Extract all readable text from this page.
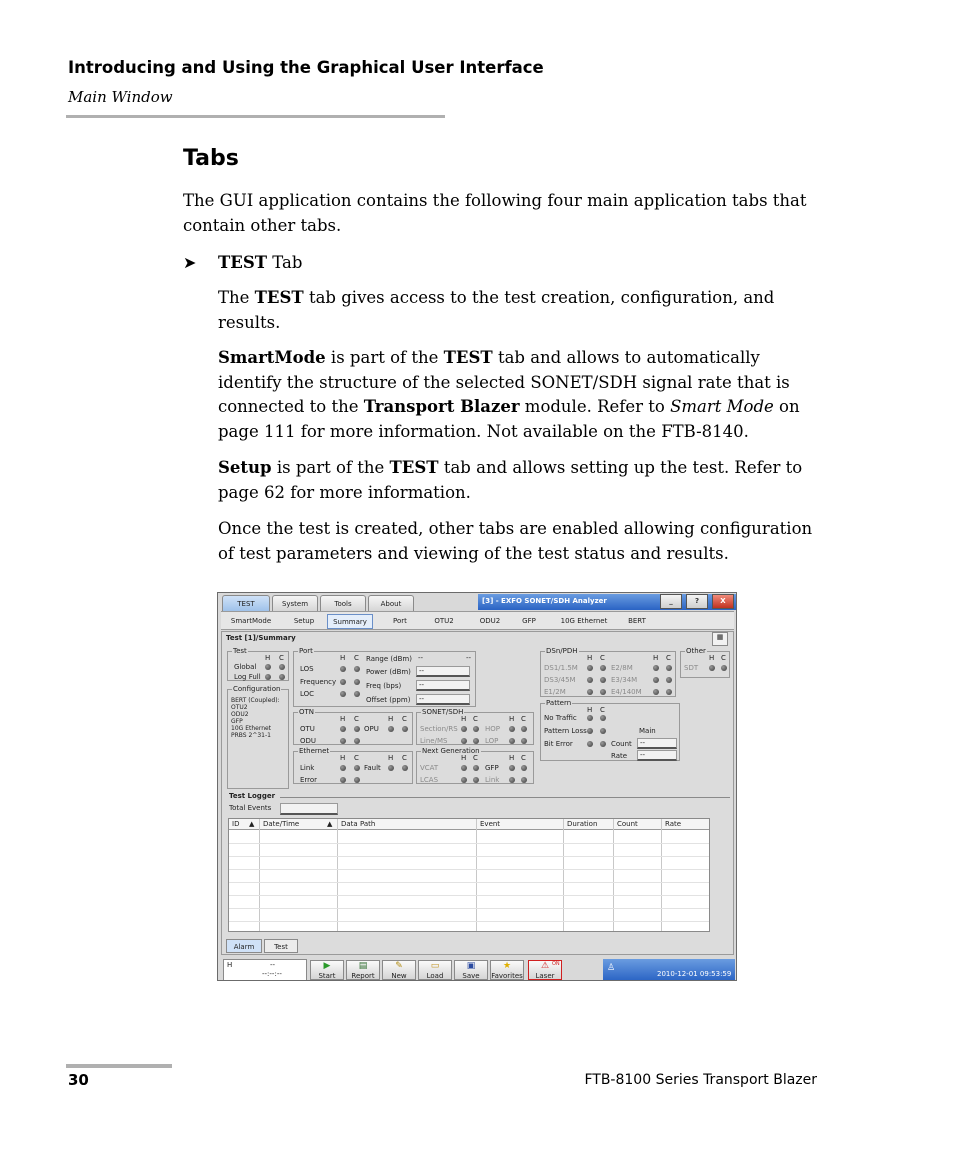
Introducing and Using the Graphical User Interface
Main Window
Tabs
The GUI application contains the following four main application tabs that contain other tabs.
➤ TEST Tab
The TEST tab gives access to the test creation, configuration, and results.
SmartMode is part of the TEST tab and allows to automatically identify the structure of the selected SONET/SDH signal rate that is connected to the Transport Blazer module. Refer to Smart Mode on page 111 for more information. Not available on the FTB-8140.
Setup is part of the TEST tab and allows setting up the test. Refer to page 62 for more information.
Once the test is created, other tabs are enabled allowing configuration of test parameters and viewing of the test status and results.
TEST	System	Tools	About	[3] - EXFO SONET/SDH Analyzer	_	?	X
SmartMode	Setup	Summary	Port	OTU2	ODU2	GFP	10G Ethernet	BERT
Test [1]/Summary	▦
Test
H C
Global
Log Full
Configuration
BERT (Coupled):
OTU2
ODU2
GFP
10G Ethernet
PRBS 2^31-1
Port
H C
LOS
Frequency
LOC
Range (dBm) --	--
Power (dBm)	--
Freq (bps)	--
Offset (ppm)	--
OTN
H C	H C
OTU	OPU
ODU
SONET/SDH
H C	H C
Section/RS	HOP
Line/MS	LOP
Ethernet
H C	H C
Link	Fault
Error
Next Generation
H C	H C
VCAT	GFP
LCAS	Link
DSn/PDH
H C	H C
DS1/1.5M	E2/8M
DS3/45M	E3/34M
E1/2M	E4/140M
Other
H C
SDT
Pattern
H C
No Traffic
Pattern Loss	Main
Bit Error	Count	--
Rate	--
Test Logger
Total Events
ID ▲ Date/Time	▲ Data Path	Event	Duration	Count	Rate
Alarm	Test
H	--
--:--:--
▶
Start
▤
Report
✎
New
▭
Load
▣
Save
★
Favorites
⚠
Laser
ON	♙
2010-12-01 09:53:59
30	FTB-8100 Series Transport Blazer
